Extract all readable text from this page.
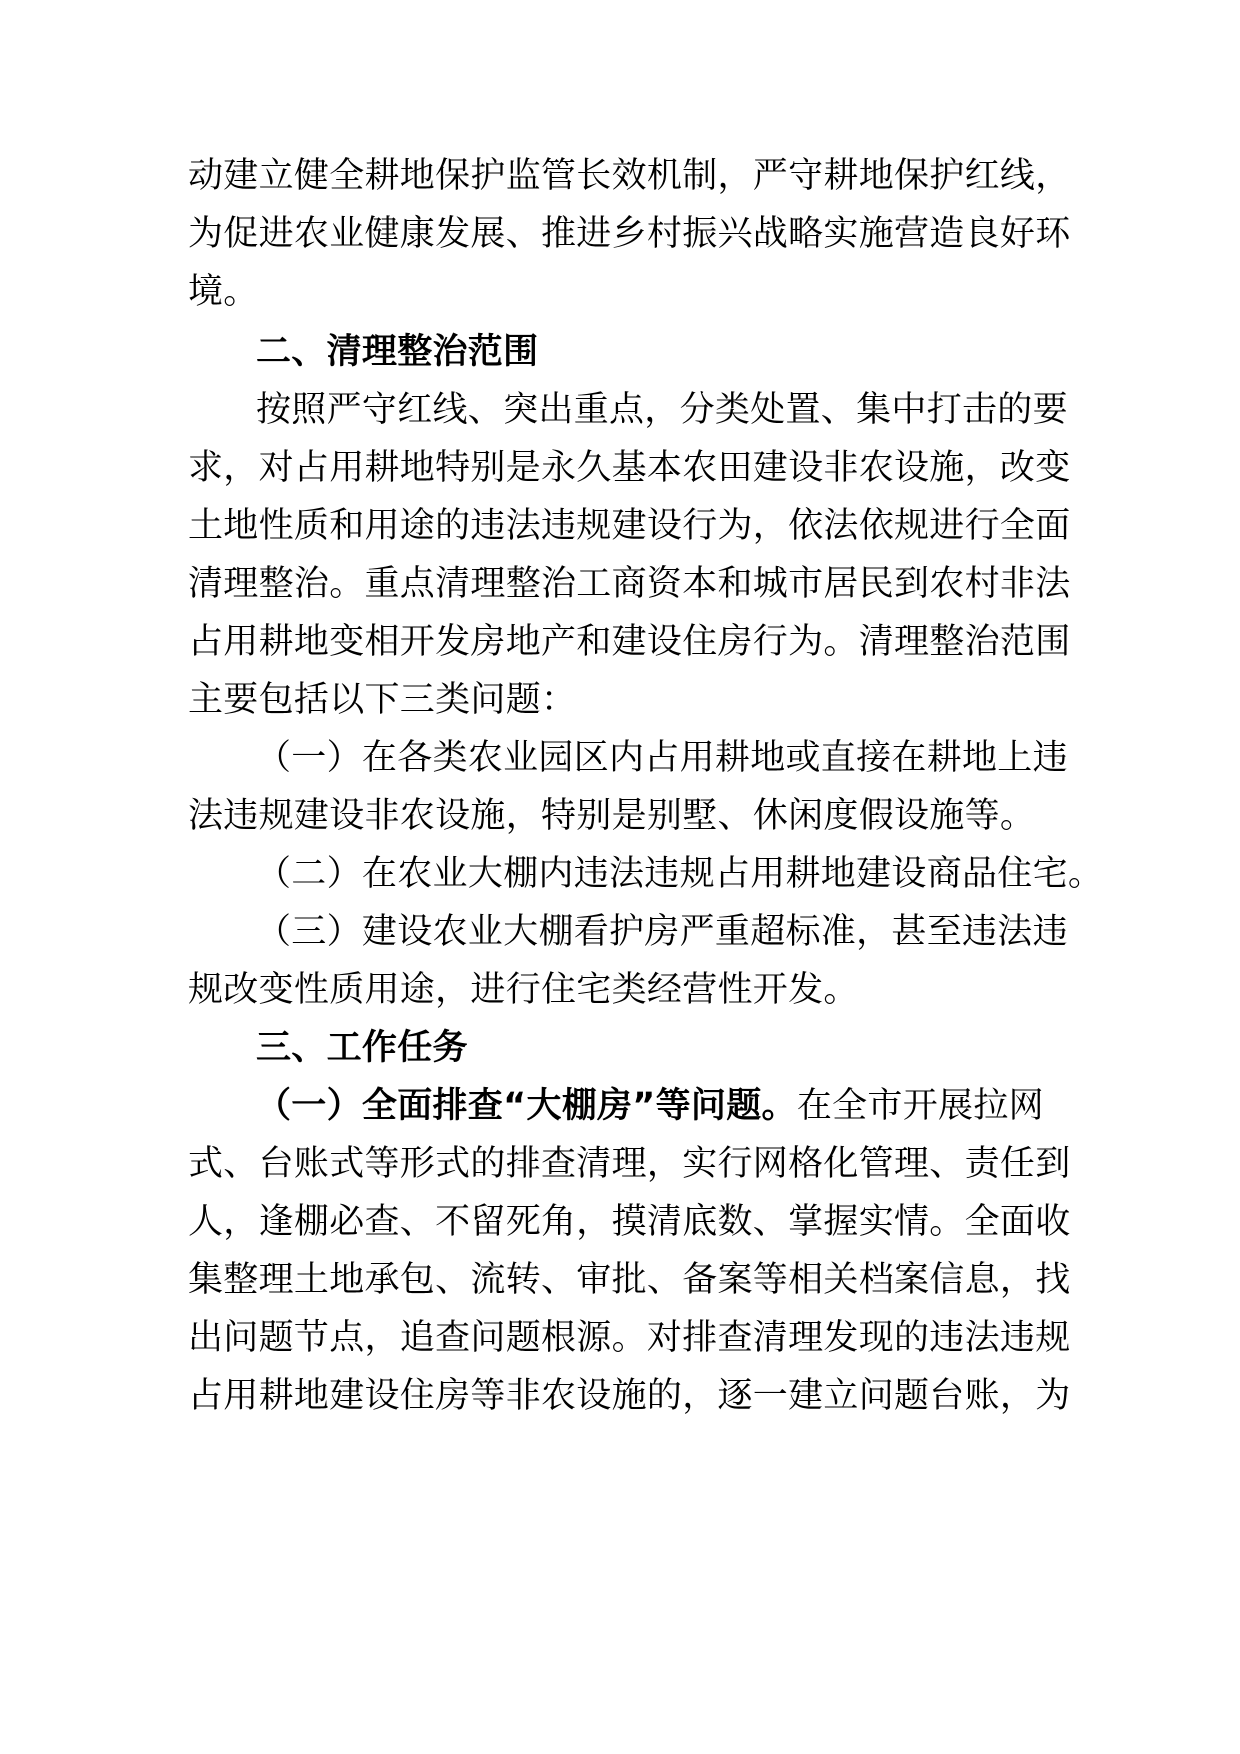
动建立健全耕地保护监管长效机制，严守耕地保护红线，
为促进农业健康发展、推进乡村振兴战略实施营造良好环
境。
二、清理整治范围
按照严守红线、突出重点，分类处置、集中打击的要
求，对占用耕地特别是永久基本农田建设非农设施，改变
土地性质和用途的违法违规建设行为，依法依规进行全面
清理整治。重点清理整治工商资本和城市居民到农村非法
占用耕地变相开发房地产和建设住房行为。清理整治范围
主要包括以下三类问题：
（一）在各类农业园区内占用耕地或直接在耕地上违
法违规建设非农设施，特别是别墅、休闲度假设施等。
（二）在农业大棚内违法违规占用耕地建设商品住宅。
（三）建设农业大棚看护房严重超标准，甚至违法违
规改变性质用途，进行住宅类经营性开发。
三、工作任务
（一）全面排查“大棚房”等问题。在全市开展拉网
式、台账式等形式的排查清理，实行网格化管理、责任到
人，逢棚必查、不留死角，摸清底数、掌握实情。全面收
集整理土地承包、流转、审批、备案等相关档案信息，找
出问题节点，追查问题根源。对排查清理发现的违法违规
占用耕地建设住房等非农设施的，逐一建立问题台账，为
